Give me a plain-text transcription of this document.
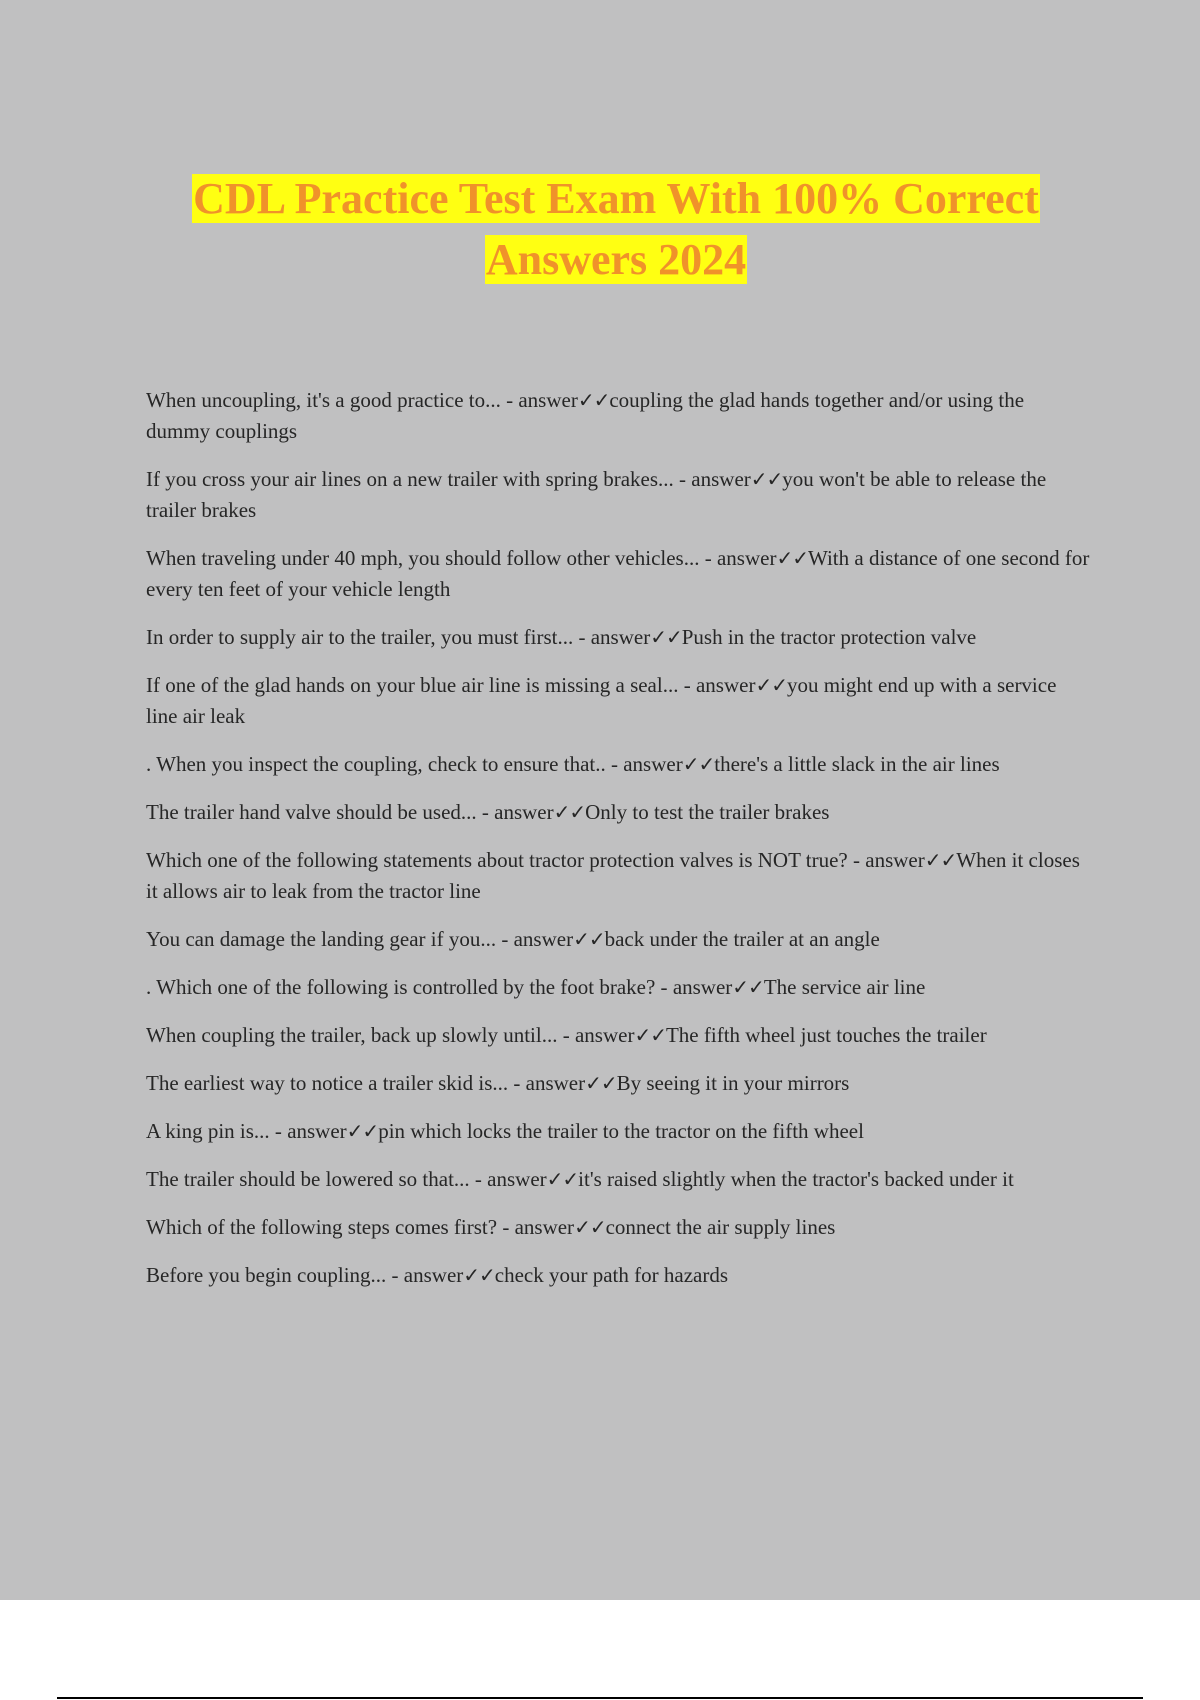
CDL Practice Test Exam With 100% Correct
Answers 2024
When uncoupling, it's a good practice to... - answer✓✓coupling the glad hands together and/or using the dummy couplings
If you cross your air lines on a new trailer with spring brakes... - answer✓✓you won't be able to release the trailer brakes
When traveling under 40 mph, you should follow other vehicles... - answer✓✓With a distance of one second for every ten feet of your vehicle length
In order to supply air to the trailer, you must first... - answer✓✓Push in the tractor protection valve
If one of the glad hands on your blue air line is missing a seal... - answer✓✓you might end up with a service line air leak
. When you inspect the coupling, check to ensure that.. - answer✓✓there's a little slack in the air lines
The trailer hand valve should be used... - answer✓✓Only to test the trailer brakes
Which one of the following statements about tractor protection valves is NOT true? - answer✓✓When it closes it allows air to leak from the tractor line
You can damage the landing gear if you... - answer✓✓back under the trailer at an angle
. Which one of the following is controlled by the foot brake? - answer✓✓The service air line
When coupling the trailer, back up slowly until... - answer✓✓The fifth wheel just touches the trailer
The earliest way to notice a trailer skid is... - answer✓✓By seeing it in your mirrors
A king pin is... - answer✓✓pin which locks the trailer to the tractor on the fifth wheel
The trailer should be lowered so that... - answer✓✓it's raised slightly when the tractor's backed under it
Which of the following steps comes first? - answer✓✓connect the air supply lines
Before you begin coupling... - answer✓✓check your path for hazards
